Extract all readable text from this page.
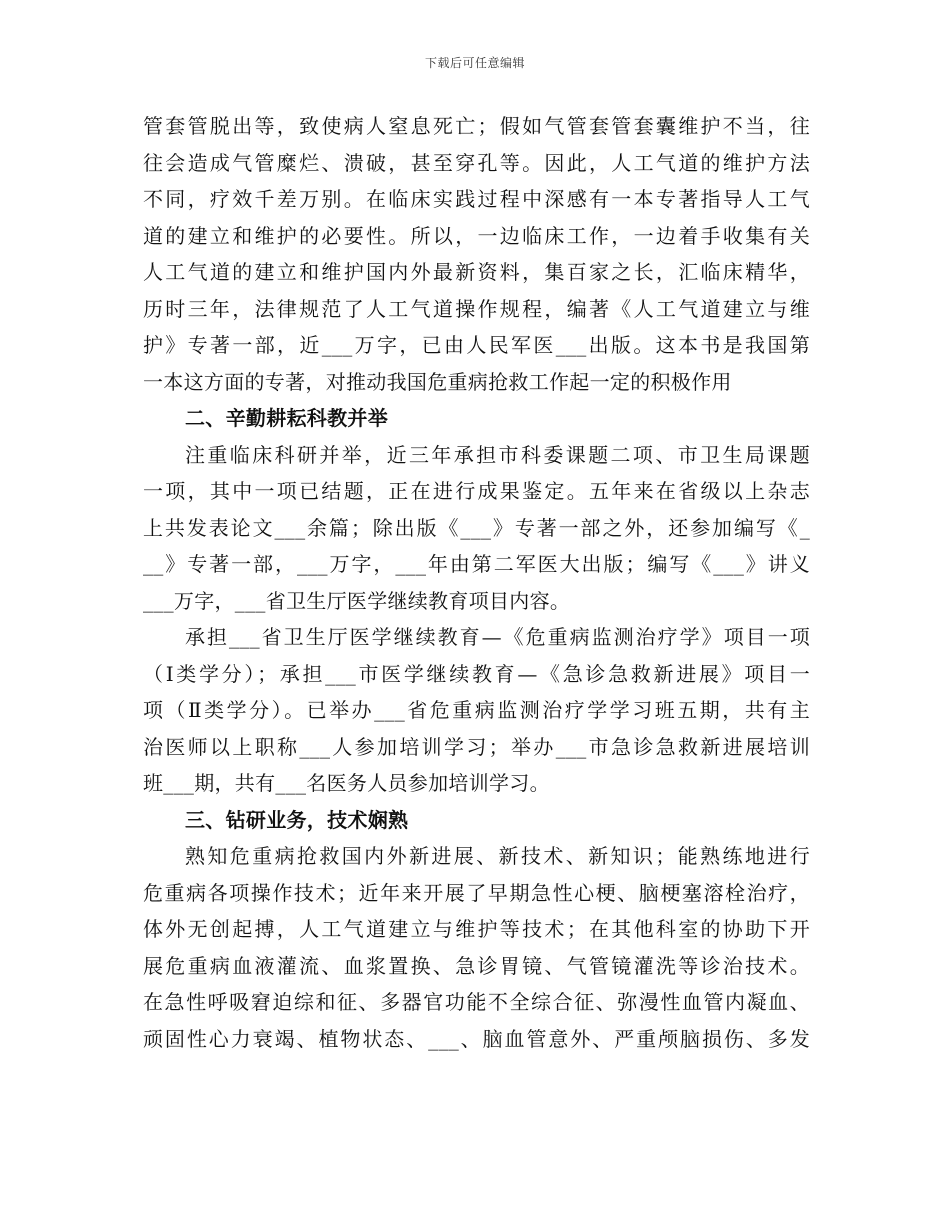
下载后可任意编辑
管套管脱出等，致使病人窒息死亡；假如气管套管套囊维护不当，往
往会造成气管糜烂、溃破，甚至穿孔等。因此，人工气道的维护方法
不同，疗效千差万别。在临床实践过程中深感有一本专著指导人工气
道的建立和维护的必要性。所以，一边临床工作，一边着手收集有关
人工气道的建立和维护国内外最新资料，集百家之长，汇临床精华，
历时三年，法律规范了人工气道操作规程，编著《人工气道建立与维
护》专著一部，近___万字，已由人民军医___出版。这本书是我国第
一本这方面的专著，对推动我国危重病抢救工作起一定的积极作用
二、辛勤耕耘科教并举
注重临床科研并举，近三年承担市科委课题二项、市卫生局课题
一项，其中一项已结题，正在进行成果鉴定。五年来在省级以上杂志
上共发表论文___余篇；除出版《___》专著一部之外，还参加编写《_
__》专著一部，___万字，___年由第二军医大出版；编写《___》讲义
___万字，___省卫生厅医学继续教育项目内容。
承担___省卫生厅医学继续教育—《危重病监测治疗学》项目一项
（Ⅰ类学分）；承担___市医学继续教育—《急诊急救新进展》项目一
项（Ⅱ类学分）。已举办___省危重病监测治疗学学习班五期，共有主
治医师以上职称___人参加培训学习；举办___市急诊急救新进展培训
班___期，共有___名医务人员参加培训学习。
三、钻研业务，技术娴熟
熟知危重病抢救国内外新进展、新技术、新知识；能熟练地进行
危重病各项操作技术；近年来开展了早期急性心梗、脑梗塞溶栓治疗，
体外无创起搏，人工气道建立与维护等技术；在其他科室的协助下开
展危重病血液灌流、血浆置换、急诊胃镜、气管镜灌洗等诊治技术。
在急性呼吸窘迫综和征、多器官功能不全综合征、弥漫性血管内凝血、
顽固性心力衰竭、植物状态、___、脑血管意外、严重颅脑损伤、多发
